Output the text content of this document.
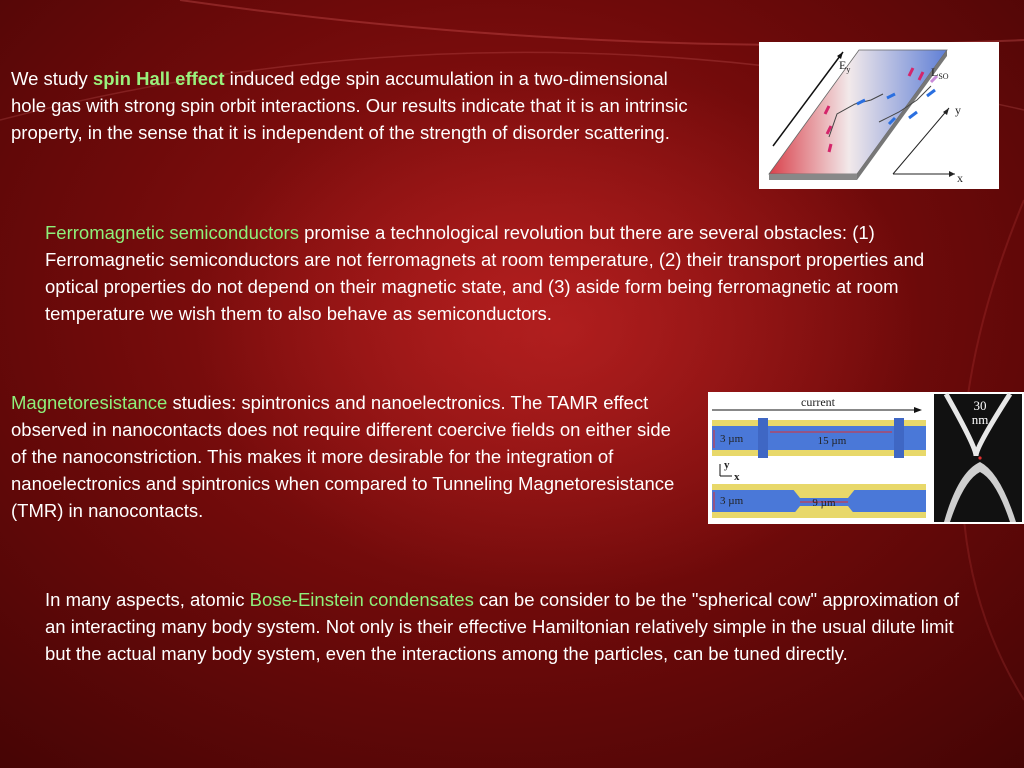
We study spin Hall effect induced edge spin accumulation in a two-dimensional hole gas with strong spin orbit interactions. Our results indicate that it is an intrinsic property, in the sense that it is independent of the strength of disorder scattering.

$E_y$	$L_{SO}$
y
x

Ferromagnetic semiconductors promise a technological revolution but there are several obstacles: (1) Ferromagnetic semiconductors are not ferromagnets at room temperature, (2) their transport properties and optical properties do not depend on their magnetic state, and (3) aside form being ferromagnetic at room temperature we wish them to also behave as semiconductors.

Magnetoresistance studies: spintronics and nanoelectronics. The TAMR effect observed in nanocontacts does not require different coercive fields on either side of the nanoconstriction. This makes it more desirable for the integration of nanoelectronics and spintronics when compared to Tunneling Magnetoresistance (TMR) in nanocontacts.

current
3 µm	15 µm
y
x
3 µm	9 µm
30
nm

In many aspects, atomic Bose-Einstein condensates can be consider to be the "spherical cow" approximation of an interacting many body system. Not only is their effective Hamiltonian relatively simple in the usual dilute limit but the actual many body system, even the interactions among the particles, can be tuned directly.
